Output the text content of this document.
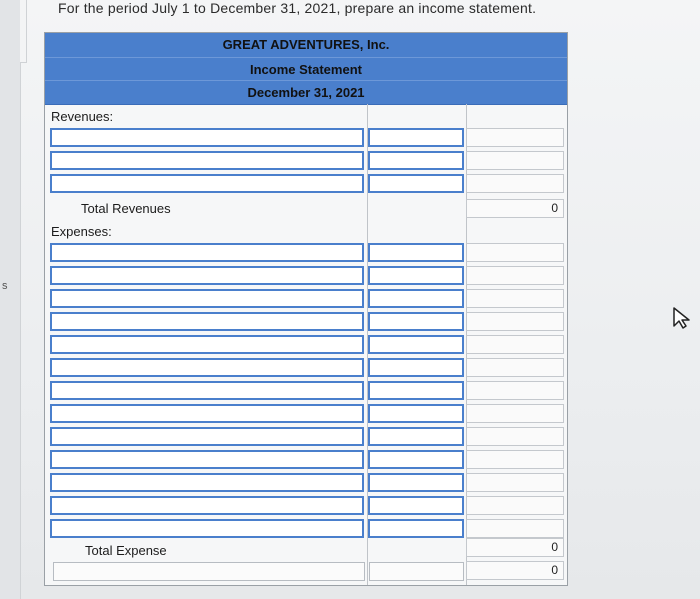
s
For the period July 1 to December 31, 2021, prepare an income statement.
GREAT ADVENTURES, Inc.
Income Statement
December 31, 2021
Revenues:
Total Revenues	0
Expenses:
Total Expense	0
0
